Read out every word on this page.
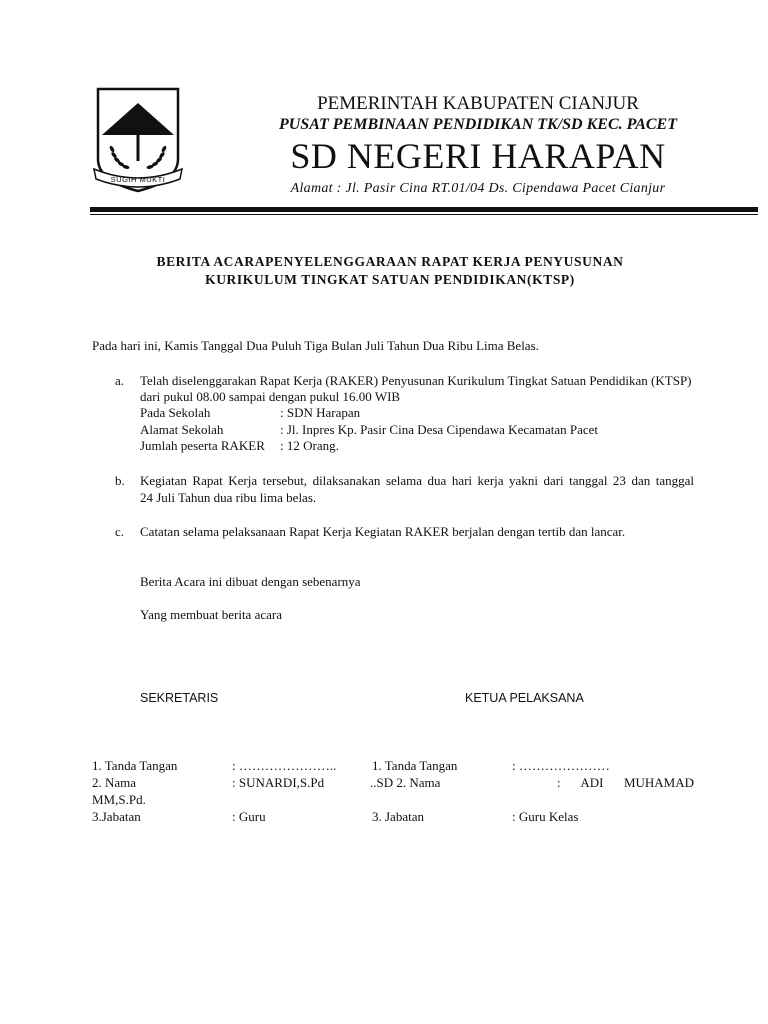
SUGIH MUKTI
PEMERINTAH KABUPATEN CIANJUR
PUSAT PEMBINAAN PENDIDIKAN TK/SD KEC. PACET
SD NEGERI HARAPAN
Alamat : Jl. Pasir Cina RT.01/04 Ds. Cipendawa Pacet Cianjur
BERITA ACARAPENYELENGGARAAN RAPAT KERJA PENYUSUNAN
KURIKULUM TINGKAT SATUAN PENDIDIKAN(KTSP)
Pada hari ini, Kamis Tanggal Dua Puluh Tiga Bulan Juli Tahun Dua Ribu Lima Belas.
a. Telah diselenggarakan Rapat Kerja (RAKER) Penyusunan Kurikulum Tingkat Satuan Pendidikan (KTSP)
dari pukul 08.00 sampai dengan pukul 16.00 WIB
Pada Sekolah	: SDN Harapan
Alamat Sekolah	: Jl. Inpres Kp. Pasir Cina Desa Cipendawa Kecamatan Pacet
Jumlah peserta RAKER : 12 Orang.
b. Kegiatan Rapat Kerja tersebut, dilaksanakan selama dua hari kerja yakni dari tanggal 23 dan tanggal
24 Juli Tahun dua ribu lima belas.
c. Catatan selama pelaksanaan Rapat Kerja Kegiatan RAKER berjalan dengan tertib dan lancar.
Berita Acara ini dibuat dengan sebenarnya
Yang membuat berita acara
SEKRETARIS	KETUA PELAKSANA
1. Tanda Tangan	: …………………..	1. Tanda Tangan	: …………………
2. Nama	: SUNARDI,S.Pd	..SD 2. Nama	: ADI MUHAMAD
MM,S.Pd.
3.Jabatan	: Guru	3. Jabatan	: Guru Kelas
